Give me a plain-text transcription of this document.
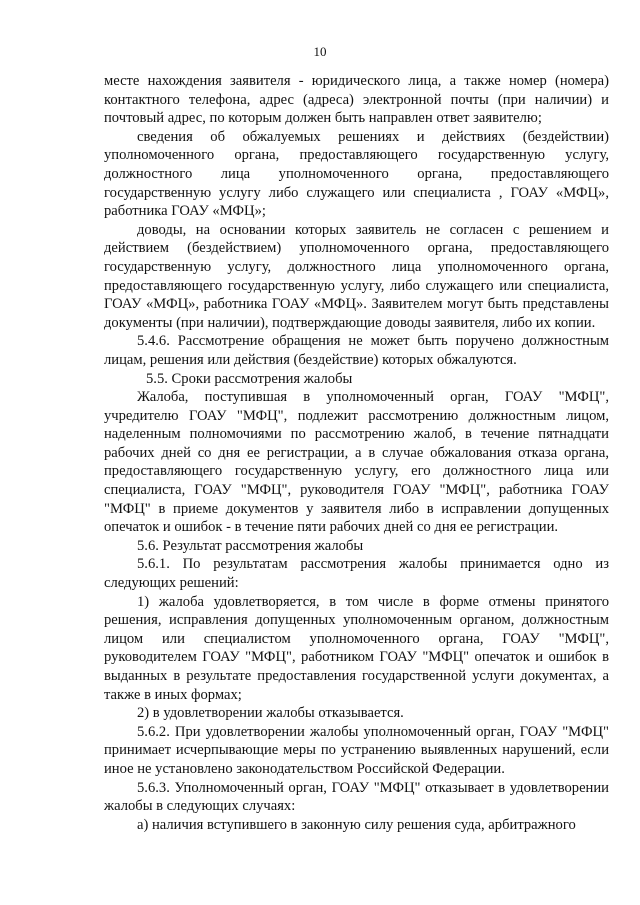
10

месте нахождения заявителя - юридического лица, а также номер (номера) контактного телефона, адрес (адреса) электронной почты (при наличии) и почтовый адрес, по которым должен быть направлен ответ заявителю;

сведения об обжалуемых решениях и действиях (бездействии) уполномоченного органа, предоставляющего государственную услугу, должностного лица уполномоченного органа, предоставляющего государственную услугу либо служащего или специалиста , ГОАУ «МФЦ», работника ГОАУ «МФЦ»;

доводы, на основании которых заявитель не согласен с решением и действием (бездействием) уполномоченного органа, предоставляющего государственную услугу, должностного лица уполномоченного органа, предоставляющего государственную услугу, либо служащего или специалиста, ГОАУ «МФЦ», работника ГОАУ «МФЦ». Заявителем могут быть представлены документы (при наличии), подтверждающие доводы заявителя, либо их копии.

5.4.6. Рассмотрение обращения не может быть поручено должностным лицам, решения или действия (бездействие) которых обжалуются.

5.5. Сроки рассмотрения жалобы

Жалоба, поступившая в уполномоченный орган, ГОАУ "МФЦ", учредителю ГОАУ "МФЦ", подлежит рассмотрению должностным лицом, наделенным полномочиями по рассмотрению жалоб, в течение пятнадцати рабочих дней со дня ее регистрации, а в случае обжалования отказа органа, предоставляющего государственную услугу, его должностного лица или специалиста, ГОАУ "МФЦ", руководителя ГОАУ "МФЦ", работника ГОАУ "МФЦ" в приеме документов у заявителя либо в исправлении допущенных опечаток и ошибок - в течение пяти рабочих дней со дня ее регистрации.

5.6. Результат рассмотрения жалобы

5.6.1. По результатам рассмотрения жалобы принимается одно из следующих решений:

1) жалоба удовлетворяется, в том числе в форме отмены принятого решения, исправления допущенных уполномоченным органом, должностным лицом или специалистом уполномоченного органа, ГОАУ "МФЦ", руководителем ГОАУ "МФЦ", работником ГОАУ "МФЦ" опечаток и ошибок в выданных в результате предоставления государственной услуги документах, а также в иных формах;

2) в удовлетворении жалобы отказывается.

5.6.2. При удовлетворении жалобы уполномоченный орган, ГОАУ "МФЦ" принимает исчерпывающие меры по устранению выявленных нарушений, если иное не установлено законодательством Российской Федерации.

5.6.3. Уполномоченный орган, ГОАУ "МФЦ" отказывает в удовлетворении жалобы в следующих случаях:

а) наличия вступившего в законную силу решения суда, арбитражного
